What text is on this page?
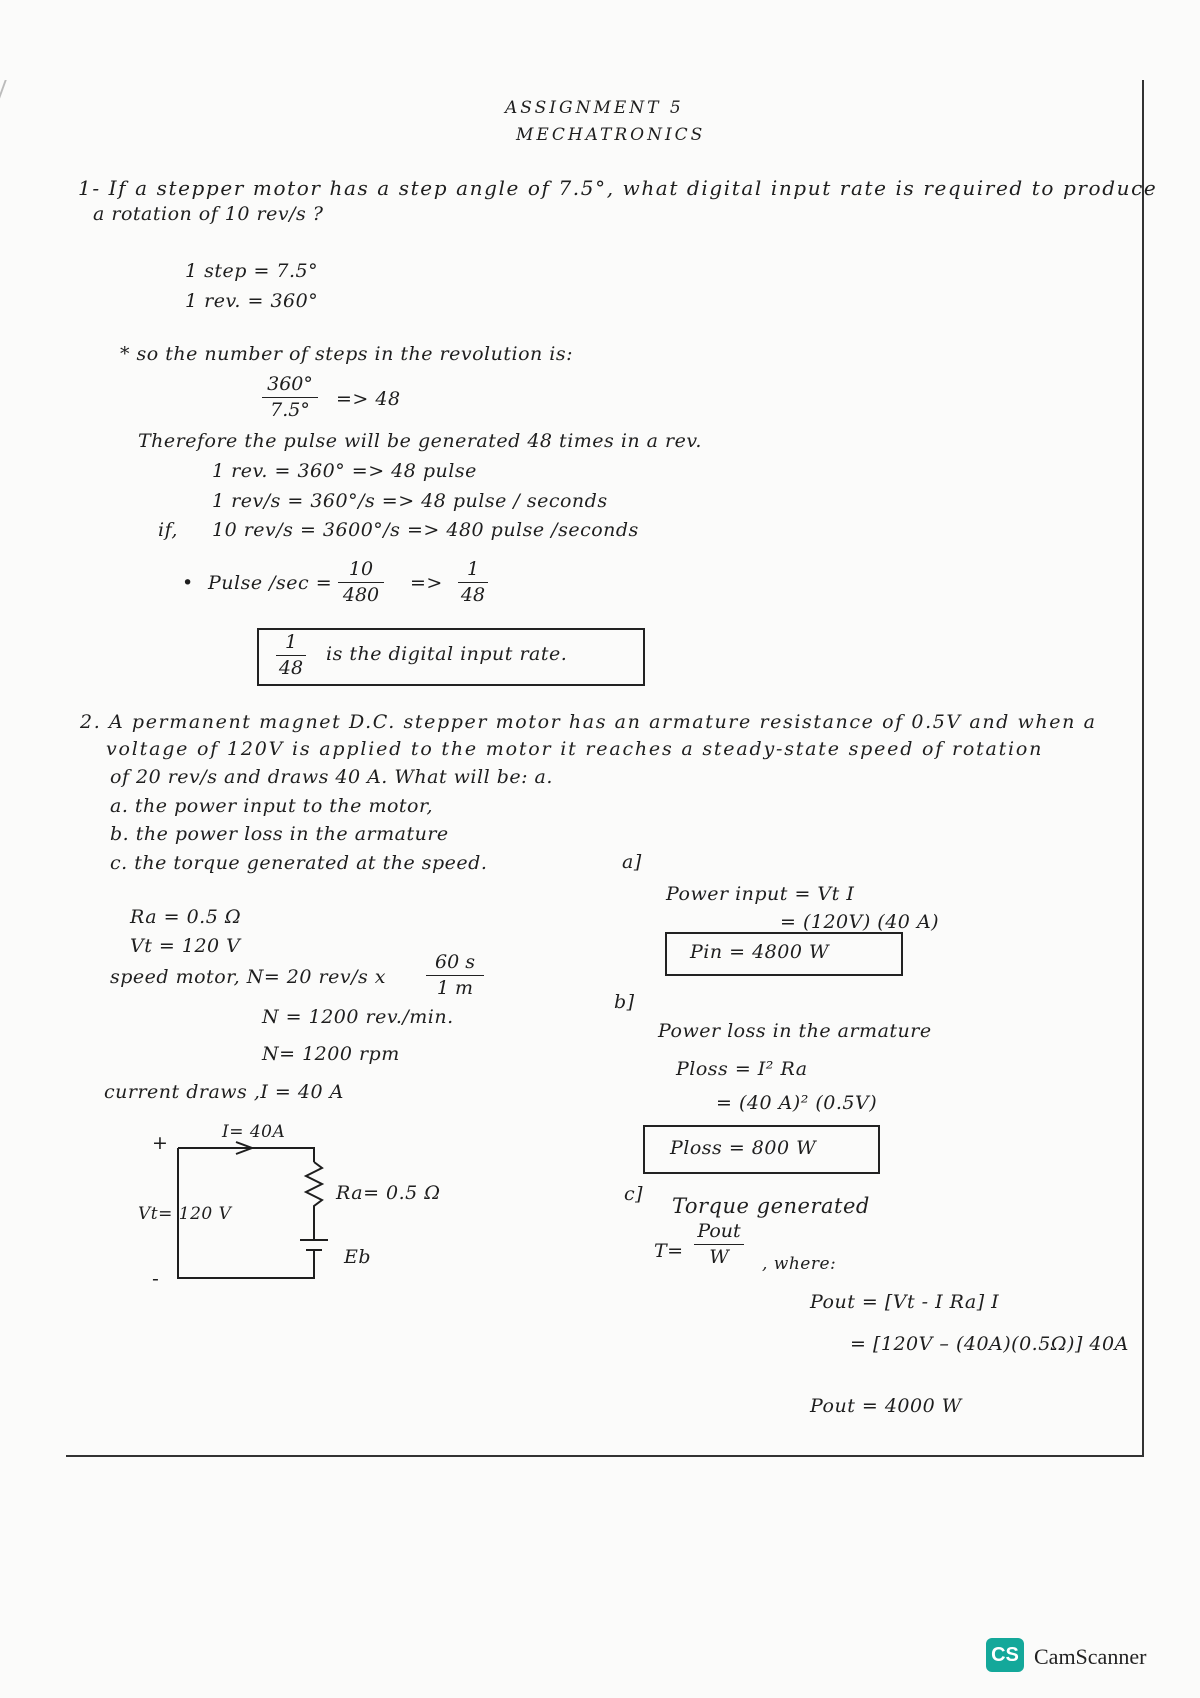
ASSIGNMENT 5
MECHATRONICS
1- If a stepper motor has a step angle of 7.5°, what digital input rate is required to produce
a rotation of 10 rev/s ?
1 step = 7.5°
1 rev. = 360°
* so the number of steps in the revolution is:
360°
7.5°	=> 48
Therefore the pulse will be generated 48 times in a rev.
1 rev. = 360° => 48 pulse
1 rev/s = 360°/s => 48 pulse / seconds
if, 10 rev/s = 3600°/s => 480 pulse /seconds
• Pulse /sec =
10
480
=>
1
48
1
48
is the digital input rate.
2. A permanent magnet D.C. stepper motor has an armature resistance of 0.5V and when a
voltage of 120V is applied to the motor it reaches a steady-state speed of rotation
of 20 rev/s and draws 40 A. What will be: a.
a. the power input to the motor,
b. the power loss in the armature
c. the torque generated at the speed.
Ra = 0.5 Ω
Vt = 120 V
speed motor, N= 20 rev/s x
60 s
1 m
N = 1200 rev./min.
N= 1200 rpm
current draws ,I = 40 A
I= 40A
+
-
Vt= 120 V
Ra= 0.5 Ω
Eb
a]
Power input = Vt I
= (120V) (40 A)
Pin = 4800 W
b]
Power loss in the armature
Ploss = I² Ra
= (40 A)² (0.5V)
Ploss = 800 W
c] Torque generated
T=
Pout
W	, where:
Pout = [Vt - I Ra] I
= [120V – (40A)(0.5Ω)] 40A
Pout = 4000 W
CS CamScanner
